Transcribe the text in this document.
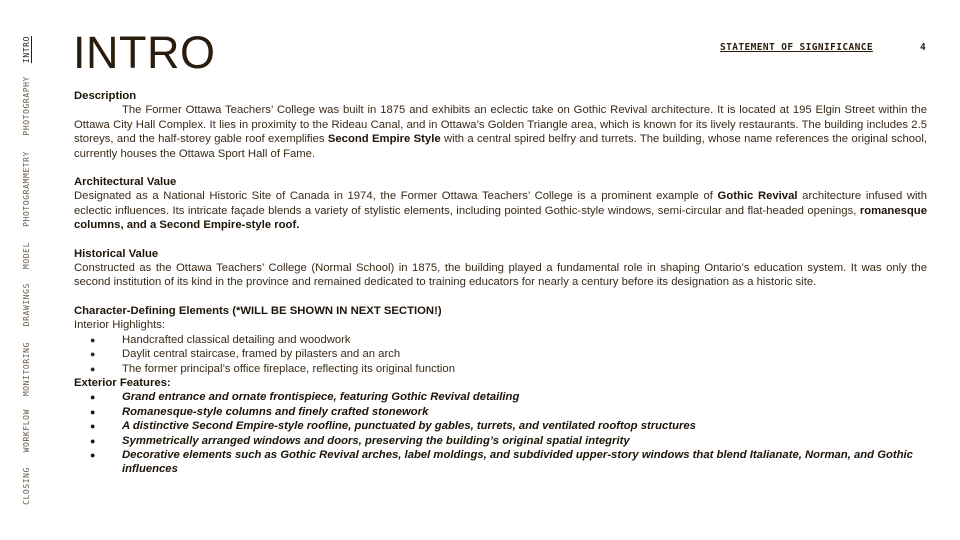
INTRO
PHOTOGRAPHY
PHOTOGRAMMETRY
MODEL
DRAWINGS
MONITORING
WORKFLOW
CLOSING
INTRO	STATEMENT OF SIGNIFICANCE	4
Description
The Former Ottawa Teachers’ College was built in 1875 and exhibits an eclectic take on Gothic Revival architecture. It is located at 195 Elgin Street within the Ottawa City Hall Complex. It lies in proximity to the Rideau Canal, and in Ottawa’s Golden Triangle area, which is known for its lively restaurants. The building includes 2.5 storeys, and the half-storey gable roof exemplifies Second Empire Style with a central spired belfry and turrets. The building, whose name references the original school, currently houses the Ottawa Sport Hall of Fame.
Architectural Value
Designated as a National Historic Site of Canada in 1974, the Former Ottawa Teachers’ College is a prominent example of Gothic Revival architecture infused with eclectic influences. Its intricate façade blends a variety of stylistic elements, including pointed Gothic-style windows, semi-circular and flat-headed openings, romanesque columns, and a Second Empire-style roof.
Historical Value
Constructed as the Ottawa Teachers’ College (Normal School) in 1875, the building played a fundamental role in shaping Ontario’s education system. It was only the second institution of its kind in the province and remained dedicated to training educators for nearly a century before its designation as a historic site.
Character-Defining Elements (*WILL BE SHOWN IN NEXT SECTION!)
Interior Highlights:
● Handcrafted classical detailing and woodwork
● Daylit central staircase, framed by pilasters and an arch
● The former principal’s office fireplace, reflecting its original function
Exterior Features:
● Grand entrance and ornate frontispiece, featuring Gothic Revival detailing
● Romanesque-style columns and finely crafted stonework
● A distinctive Second Empire-style roofline, punctuated by gables, turrets, and ventilated rooftop structures
● Symmetrically arranged windows and doors, preserving the building’s original spatial integrity
● Decorative elements such as Gothic Revival arches, label moldings, and subdivided upper-story windows that blend Italianate, Norman, and Gothic influences
